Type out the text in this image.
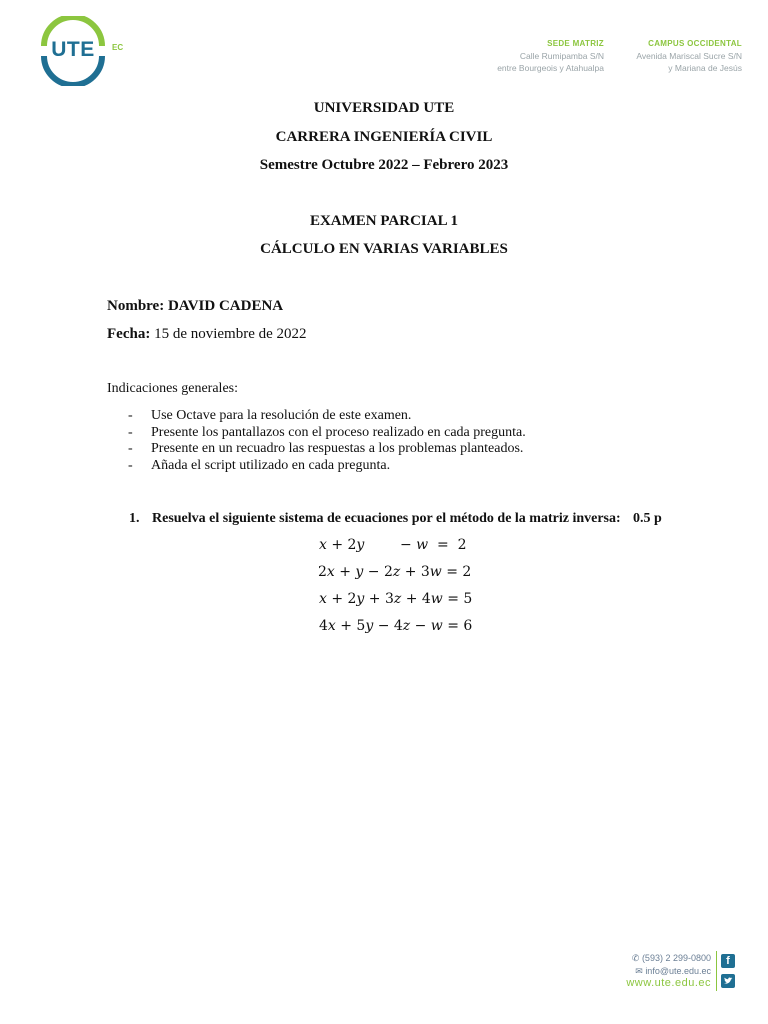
UTE	EC	SEDE MATRIZ
Calle Rumipamba S/N
entre Bourgeois y Atahualpa
CAMPUS OCCIDENTAL
Avenida Mariscal Sucre S/N
y Mariana de Jesús
UNIVERSIDAD UTE
CARRERA INGENIERÍA CIVIL
Semestre Octubre 2022 – Febrero 2023
EXAMEN PARCIAL 1
CÁLCULO EN VARIAS VARIABLES
Nombre: DAVID CADENA
Fecha: 15 de noviembre de 2022
Indicaciones generales:
- Use Octave para la resolución de este examen.
- Presente los pantallazos con el proceso realizado en cada pregunta.
- Presente en un recuadro las respuestas a los problemas planteados.
- Añada el script utilizado en cada pregunta.
1. Resuelva el siguiente sistema de ecuaciones por el método de la matriz inversa: 0.5 p
𝑥 + 2𝑦        − 𝑤  =  2
2𝑥 + 𝑦 − 2𝑧 + 3𝑤 = 2
𝑥 + 2𝑦 + 3𝑧 + 4𝑤 = 5
4𝑥 + 5𝑦 − 4𝑧 − 𝑤 = 6
✆ (593) 2 299-0800
✉ info@ute.edu.ec
www.ute.edu.ec
f
